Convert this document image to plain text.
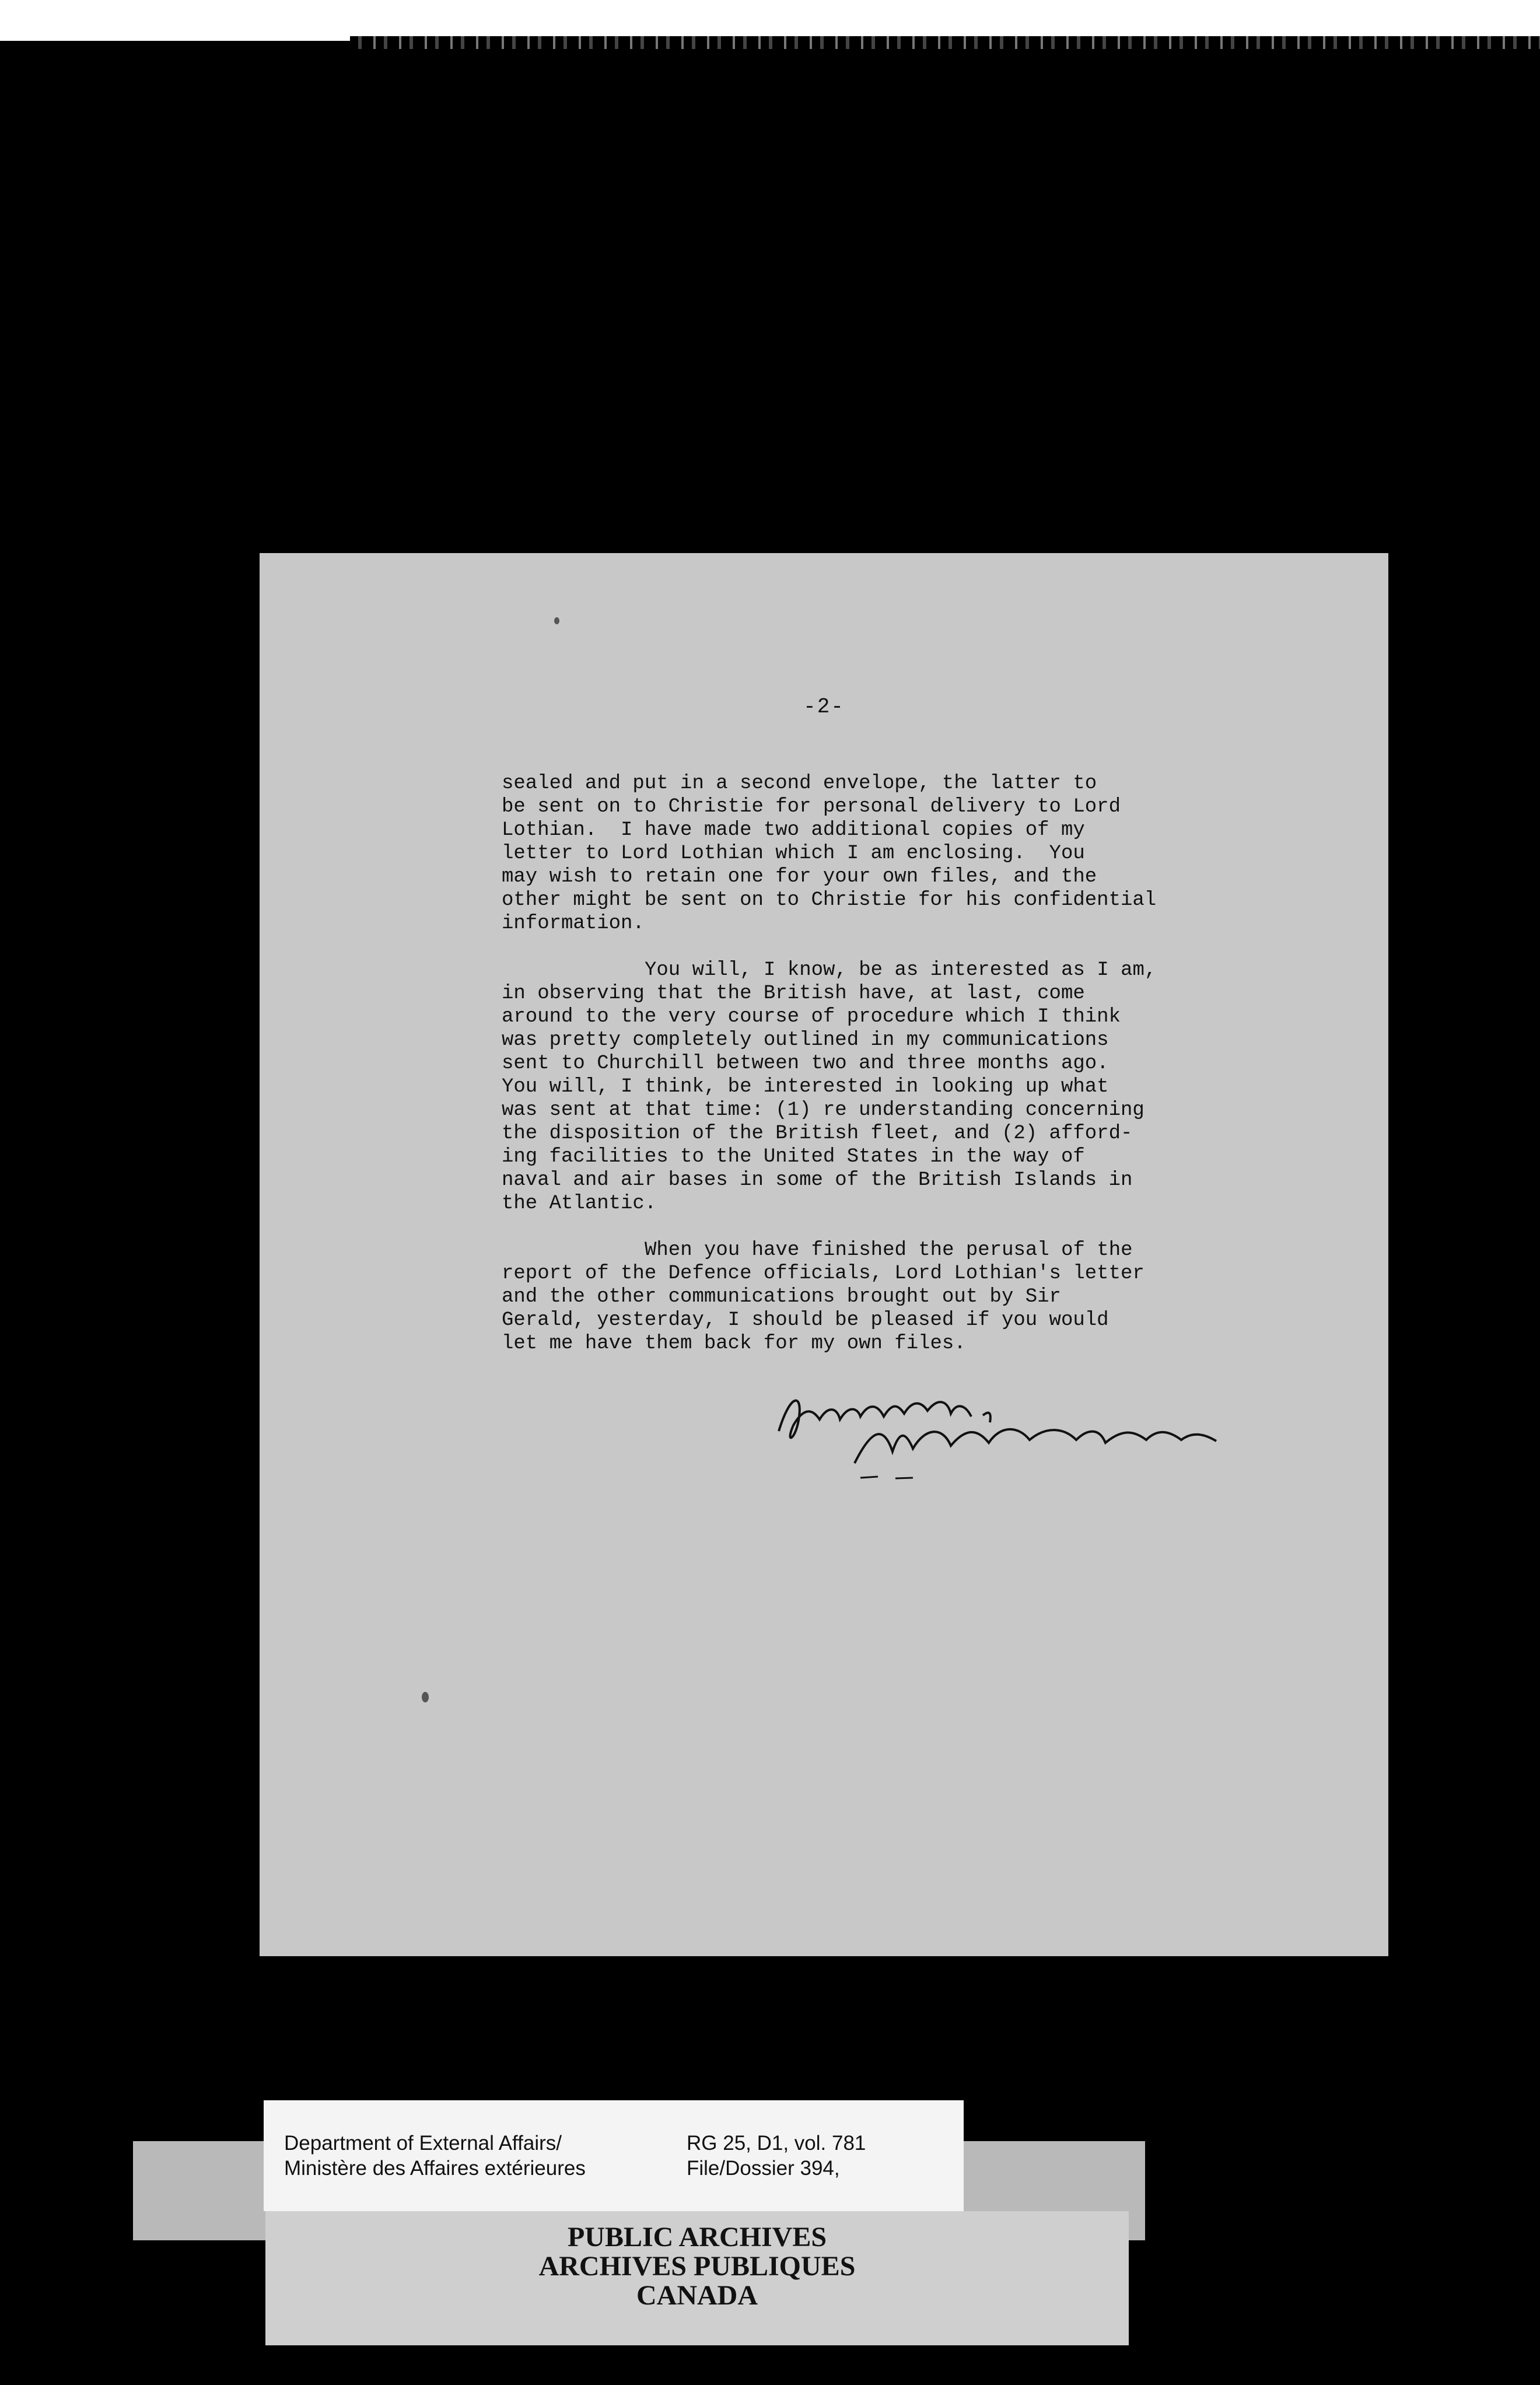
-2-

sealed and put in a second envelope, the latter to
be sent on to Christie for personal delivery to Lord
Lothian.  I have made two additional copies of my
letter to Lord Lothian which I am enclosing.  You
may wish to retain one for your own files, and the
other might be sent on to Christie for his confidential
information.

You will, I know, be as interested as I am,
in observing that the British have, at last, come
around to the very course of procedure which I think
was pretty completely outlined in my communications
sent to Churchill between two and three months ago.
You will, I think, be interested in looking up what
was sent at that time: (1) re understanding concerning
the disposition of the British fleet, and (2) afford-
ing facilities to the United States in the way of
naval and air bases in some of the British Islands in
the Atlantic.

When you have finished the perusal of the
report of the Defence officials, Lord Lothian's letter
and the other communications brought out by Sir
Gerald, yesterday, I should be pleased if you would
let me have them back for my own files.

Department of External Affairs/
Ministère des Affaires extérieures
RG 25, D1, vol. 781
File/Dossier 394,
PUBLIC ARCHIVES
ARCHIVES PUBLIQUES
CANADA
